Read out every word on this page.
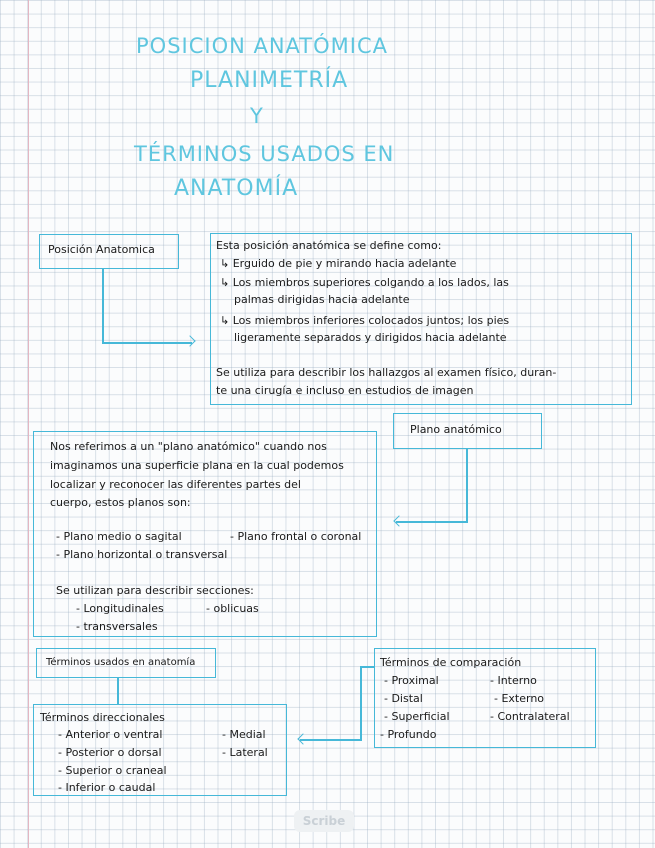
POSICION ANATÓMICA
PLANIMETRÍA
Y
TÉRMINOS USADOS EN
ANATOMÍA
Posición Anatomica	Esta posición anatómica se define como:
↳ Erguido de pie y mirando hacia adelante
↳ Los miembros superiores colgando a los lados, las
palmas dirigidas hacia adelante
↳ Los miembros inferiores colocados juntos; los pies
ligeramente separados y dirigidos hacia adelante
Se utiliza para describir los hallazgos al examen físico, duran-
te una cirugía e incluso en estudios de imagen
Plano anatómico
Nos referimos a un "plano anatómico" cuando nos
imaginamos una superficie plana en la cual podemos
localizar y reconocer las diferentes partes del
cuerpo, estos planos son:
- Plano medio o sagital	- Plano frontal o coronal
- Plano horizontal o transversal
Se utilizan para describir secciones:
- Longitudinales	- oblicuas
- transversales
Términos usados en anatomía
Términos direccionales
- Anterior o ventral
- Posterior o dorsal
- Superior o craneal
- Inferior o caudal
- Medial
- Lateral
Términos de comparación
- Proximal
- Distal
- Superficial
- Profundo
- Interno
- Externo
- Contralateral
Scribe
